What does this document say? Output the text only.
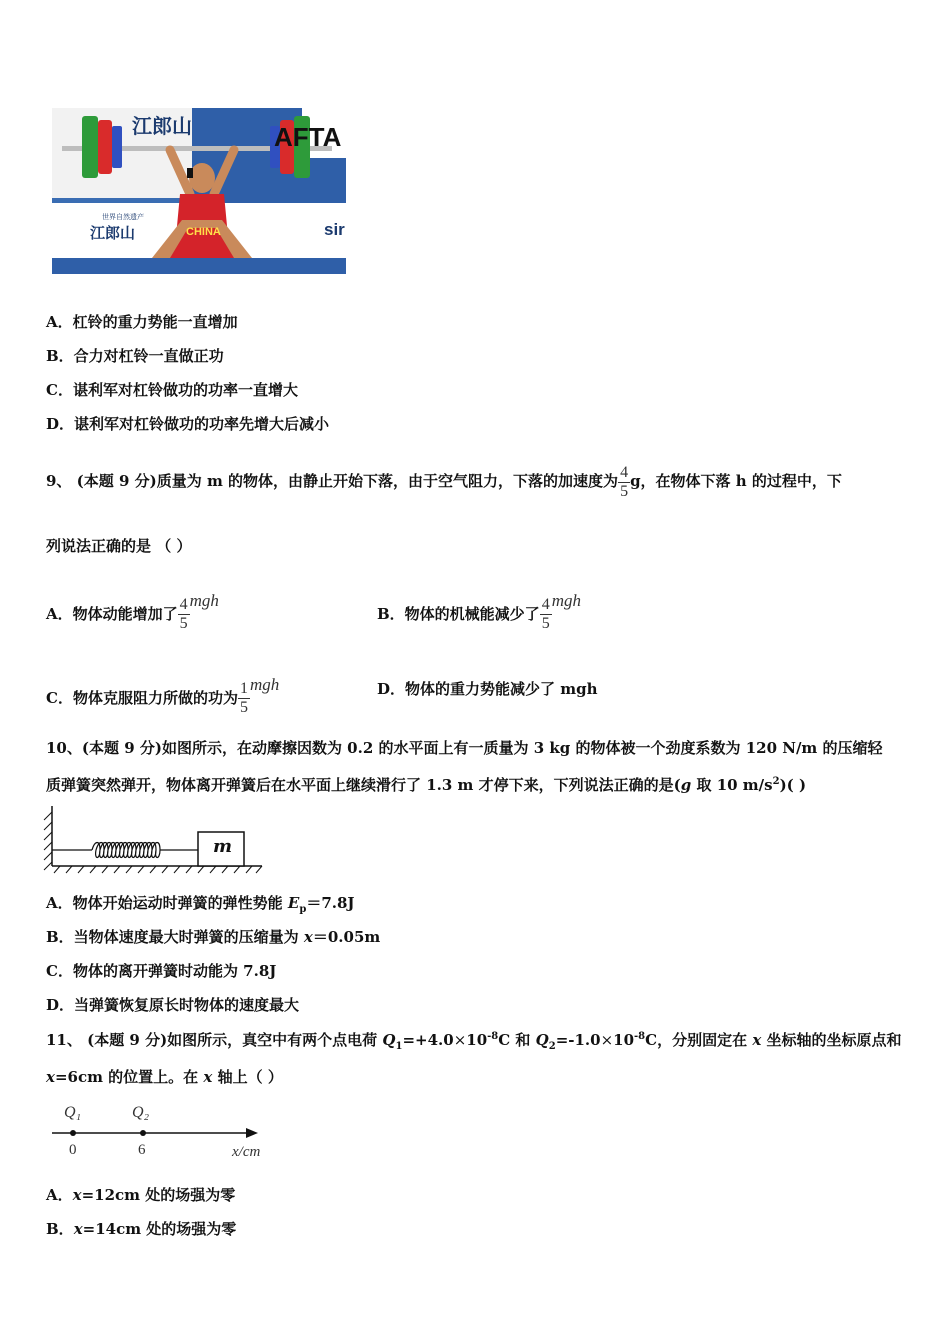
江郎山	AFTA
世界自然遗产
江郎山	CHINA	sir
A．杠铃的重力势能一直增加
B．合力对杠铃一直做正功
C．谌利军对杠铃做功的功率一直增大
D．谌利军对杠铃做功的功率先增大后减小
9、 (本题 9 分)质量为 m 的物体，由静止开始下落，由于空气阻力，下落的加速度为 $\frac{4}{5}$ g，在物体下落 h 的过程中，下
列说法正确的是 （ ）
A．物体动能增加了 $\frac{4}{5}$ mgh
B．物体的机械能减少了 $\frac{4}{5}$ mgh
C．物体克服阻力所做的功为 $\frac{1}{5}$ mgh	D．物体的重力势能减少了 mgh
10、(本题 9 分)如图所示，在动摩擦因数为 0.2 的水平面上有一质量为 3 kg 的物体被一个劲度系数为 120 N/m 的压缩轻
质弹簧突然弹开，物体离开弹簧后在水平面上继续滑行了 1.3 m 才停下来，下列说法正确的是(g 取 10 $m/s^2$)( )
m
A．物体开始运动时弹簧的弹性势能 $E_p=7.8J$
B．当物体速度最大时弹簧的压缩量为 x＝0.05m
C．物体的离开弹簧时动能为 7.8J
D．当弹簧恢复原长时物体的速度最大
11、 (本题 9 分)如图所示，真空中有两个点电荷 $Q_1=+4.0\times 10^{-8}C$ 和 $Q_2=-1.0\times 10^{-8}C$，分别固定在 x 坐标轴的坐标原点和
x=6cm 的位置上。在 x 轴上（ ）
Q₁	Q₂
0	6	x/cm
A．x=12cm 处的场强为零
B．x=14cm 处的场强为零
